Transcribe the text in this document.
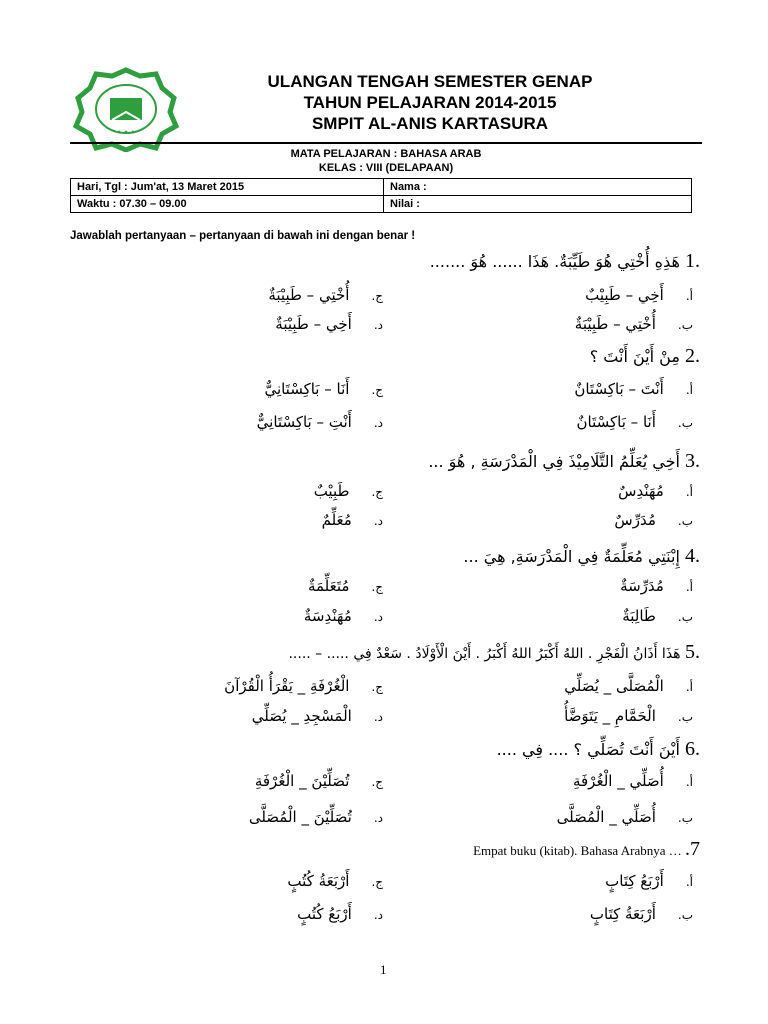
✦ ✦ ✦
ULANGAN TENGAH SEMESTER GENAP
TAHUN PELAJARAN 2014-2015
SMPIT AL-ANIS KARTASURA
MATA PELAJARAN : BAHASA ARAB
KELAS : VIII (DELAPAAN)
Hari, Tgl : Jum'at, 13 Maret 2015	Nama :
Waktu : 07.30 – 09.00	Nilai :
Jawablah pertanyaan – pertanyaan di bawah ini dengan benar !
.1 هَذِهِ أُخْتِي هُوَ طَيِّبَةٌ. هَذَا ...... هُوَ .......
أ.أَخِي – طَبِيْبٌ
ج.أُخْتِي – طَبِيْبَةٌ
ب.أُخْتِي – طَبِيْبَةٌ
د.أَخِي – طَبِيْبَةٌ
.2 مِنْ أَيْنَ أَنْتَ ؟
أ.أَنْتَ – بَاكِسْتَانٌ
ج.أَنَا – بَاكِسْتَانِيٌّ
ب.أَنَا – بَاكِسْتَانٌ
د.أَنْتِ – بَاكِسْتَانِيٌّ
.3 أَخِي يُعَلِّمُ التَّلَامِيْذَ فِي الْمَدْرَسَةِ , هُوَ ...
أ.مُهَنْدِسٌ
ج.طَبِيْبٌ
ب.مُدَرِّسٌ
د.مُعَلِّمٌ
.4 إِبْنَتِي مُعَلِّمَةٌ فِي الْمَدْرَسَةِ, هِيَ ...
أ.مُدَرِّسَةٌ
ج.مُتَعَلِّمَةٌ
ب.طَالِبَةٌ
د.مُهَنْدِسَةٌ
.5 هَذَا أَذَانُ الْفَجْرِ . اللهُ أَكْبَرُ اللهُ أَكْبَرُ . أَيْنَ الْأَوْلَادُ . سَعْدٌ فِي ..... – .....
أ.الْمُصَلَّى _ يُصَلِّي
ج.الْغُرْفَةِ _ يَقْرَأُ الْقُرْآنَ
ب.الْحَمَّامِ _ يَتَوَضَّأُ
د.الْمَسْجِدِ _ يُصَلِّي
.6 أَيْنَ أَنْتَ تُصَلِّي ؟ .... فِي ....
أ.أُصَلِّي _ الْغُرْفَةِ
ج.تُصَلِّيْنَ _ الْغُرْفَةِ
ب.أُصَلِّي _ الْمُصَلَّى
د.تُصَلِّيْنَ _ الْمُصَلَّى
Empat buku (kitab). Bahasa Arabnya … .7
أ.أَرْبَعُ كِتَابٍ
ج.أَرْبَعَةُ كُتُبٍ
ب.أَرْبَعَةُ كِتَابٍ
د.أَرْبَعُ كُتُبٍ
1
